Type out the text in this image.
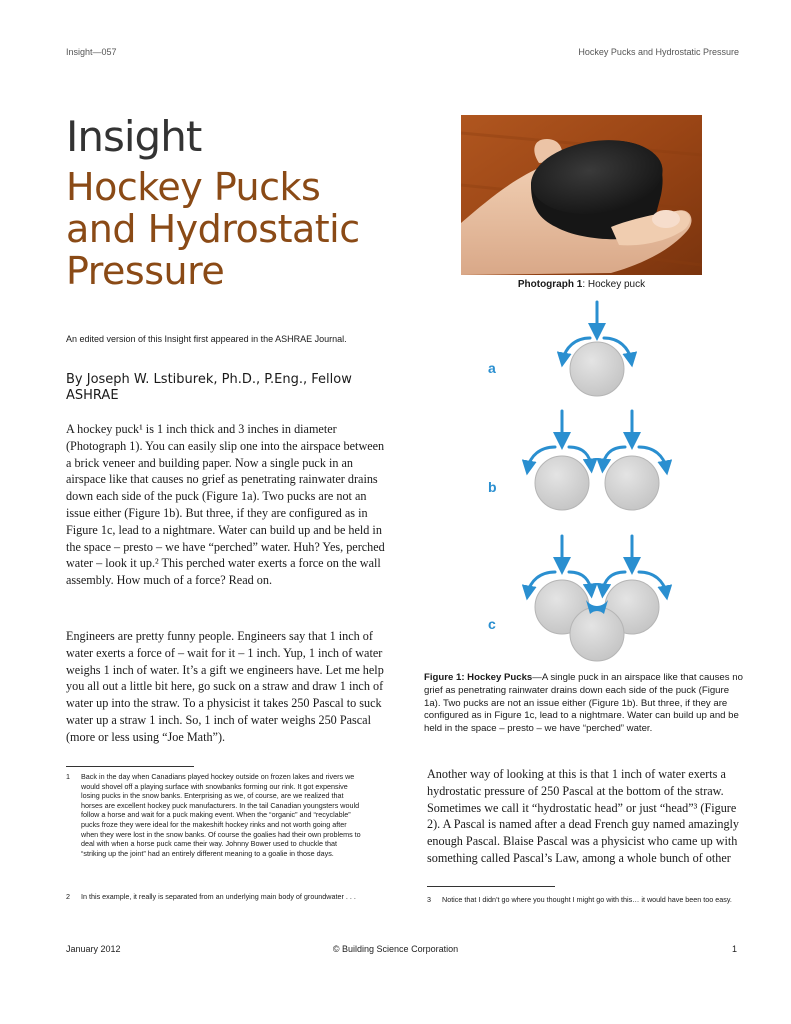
Insight—057	Hockey Pucks and Hydrostatic Pressure
Insight
Hockey Pucks
and Hydrostatic
Pressure
An edited version of this Insight first appeared in the ASHRAE Journal.
By Joseph W. Lstiburek, Ph.D., P.Eng., Fellow ASHRAE
A hockey puck¹ is 1 inch thick and 3 inches in diameter (Photograph 1). You can easily slip one into the airspace between a brick veneer and building paper. Now a single puck in an airspace like that causes no grief as penetrating rainwater drains down each side of the puck (Figure 1a). Two pucks are not an issue either (Figure 1b). But three, if they are configured as in Figure 1c, lead to a nightmare. Water can build up and be held in the space – presto – we have “perched” water. Huh? Yes, perched water – look it up.² This perched water exerts a force on the wall assembly. How much of a force? Read on.
Engineers are pretty funny people. Engineers say that 1 inch of water exerts a force of – wait for it – 1 inch. Yup, 1 inch of water weighs 1 inch of water. It’s a gift we engineers have. Let me help you all out a little bit here, go suck on a straw and draw 1 inch of water up into the straw. To a physicist it takes 250 Pascal to suck water up a straw 1 inch. So, 1 inch of water weighs 250 Pascal (more or less using “Joe Math”).
1 Back in the day when Canadians played hockey outside on frozen lakes and rivers we would shovel off a playing surface with snowbanks forming our rink. It got expensive losing pucks in the snow banks. Enterprising as we, of course, are we realized that horses are excellent hockey puck manufacturers. In the tail Canadian youngsters would follow a horse and wait for a puck making event. When the “organic” and “recyclable” pucks froze they were ideal for the makeshift hockey rinks and not worth going after when they were lost in the snow banks. Of course the goalies had their own problems to deal with when a horse puck came their way. Johnny Bower used to chuckle that “striking up the joint” had an entirely different meaning to a goalie in those days.
2 In this example, it really is separated from an underlying main body of groundwater . . .
Photograph 1: Hockey puck
a
b
c
Figure 1: Hockey Pucks—A single puck in an airspace like that causes no grief as penetrating rainwater drains down each side of the puck (Figure 1a). Two pucks are not an issue either (Figure 1b). But three, if they are configured as in Figure 1c, lead to a nightmare. Water can build up and be held in the space – presto – we have “perched” water.
Another way of looking at this is that 1 inch of water exerts a hydrostatic pressure of 250 Pascal at the bottom of the straw. Sometimes we call it “hydrostatic head” or just “head”³ (Figure 2). A Pascal is named after a dead French guy named amazingly enough Pascal. Blaise Pascal was a physicist who came up with something called Pascal’s Law, among a whole bunch of other
3 Notice that I didn’t go where you thought I might go with this… it would have been too easy.
January 2012	© Building Science Corporation	1
